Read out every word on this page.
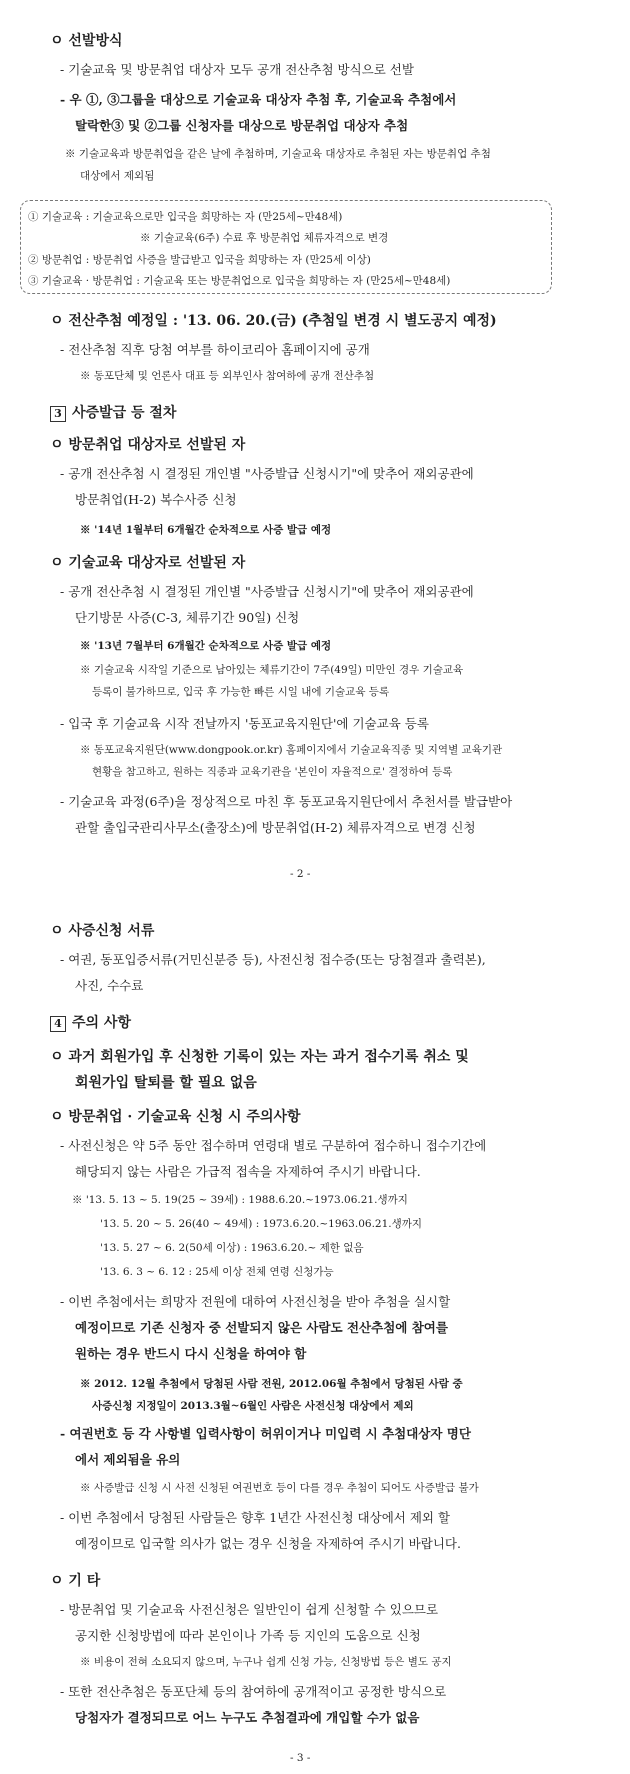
ㅇ 선발방식
- 기술교육 및 방문취업 대상자 모두 공개 전산추첨 방식으로 선발
- 우 ①, ③그룹을 대상으로 기술교육 대상자 추첨 후, 기술교육 추첨에서
탈락한③ 및 ②그룹 신청자를 대상으로 방문취업 대상자 추첨
※ 기술교육과 방문취업을 같은 날에 추첨하며, 기술교육 대상자로 추첨된 자는 방문취업 추첨
대상에서 제외됨
① 기술교육 : 기술교육으로만 입국을 희망하는 자 (만25세~만48세)
※ 기술교육(6주) 수료 후 방문취업 체류자격으로 변경
② 방문취업 : 방문취업 사증을 발급받고 입국을 희망하는 자 (만25세 이상)
③ 기술교육 · 방문취업 : 기술교육 또는 방문취업으로 입국을 희망하는 자 (만25세~만48세)
ㅇ 전산추첨 예정일 : '13. 06. 20.(금) (추첨일 변경 시 별도공지 예정)
- 전산추첨 직후 당첨 여부를 하이코리아 홈페이지에 공개
※ 동포단체 및 언론사 대표 등 외부인사 참여하에 공개 전산추첨
3 사증발급 등 절차
ㅇ 방문취업 대상자로 선발된 자
- 공개 전산추첨 시 결정된 개인별 "사증발급 신청시기"에 맞추어 재외공관에
방문취업(H-2) 복수사증 신청
※ '14년 1월부터 6개월간 순차적으로 사증 발급 예정
ㅇ 기술교육 대상자로 선발된 자
- 공개 전산추첨 시 결정된 개인별 "사증발급 신청시기"에 맞추어 재외공관에
단기방문 사증(C-3, 체류기간 90일) 신청
※ '13년 7월부터 6개월간 순차적으로 사증 발급 예정
※ 기술교육 시작일 기준으로 남아있는 체류기간이 7주(49일) 미만인 경우 기술교육
등록이 불가하므로, 입국 후 가능한 빠른 시일 내에 기술교육 등록
- 입국 후 기술교육 시작 전날까지 '동포교육지원단'에 기술교육 등록
※ 동포교육지원단(www.dongpook.or.kr) 홈페이지에서 기술교육직종 및 지역별 교육기관
현황을 참고하고, 원하는 직종과 교육기관을 '본인이 자율적으로' 결정하여 등록
- 기술교육 과정(6주)을 정상적으로 마친 후 동포교육지원단에서 추천서를 발급받아
관할 출입국관리사무소(출장소)에 방문취업(H-2) 체류자격으로 변경 신청
- 2 -
ㅇ 사증신청 서류
- 여권, 동포입증서류(거민신분증 등), 사전신청 접수증(또는 당첨결과 출력본),
사진, 수수료
4 주의 사항
ㅇ 과거 회원가입 후 신청한 기록이 있는 자는 과거 접수기록 취소 및
회원가입 탈퇴를 할 필요 없음
ㅇ 방문취업 · 기술교육 신청 시 주의사항
- 사전신청은 약 5주 동안 접수하며 연령대 별로 구분하여 접수하니 접수기간에
해당되지 않는 사람은 가급적 접속을 자제하여 주시기 바랍니다.
※ '13. 5. 13 ~ 5. 19(25 ~ 39세) : 1988.6.20.~1973.06.21.생까지
'13. 5. 20 ~ 5. 26(40 ~ 49세) : 1973.6.20.~1963.06.21.생까지
'13. 5. 27 ~ 6. 2(50세 이상) : 1963.6.20.~ 제한 없음
'13. 6. 3 ~ 6. 12 : 25세 이상 전체 연령 신청가능
- 이번 추첨에서는 희망자 전원에 대하여 사전신청을 받아 추첨을 실시할
예정이므로 기존 신청자 중 선발되지 않은 사람도 전산추첨에 참여를
원하는 경우 반드시 다시 신청을 하여야 함
※ 2012. 12월 추첨에서 당첨된 사람 전원, 2012.06월 추첨에서 당첨된 사람 중
사증신청 지정일이 2013.3월~6월인 사람은 사전신청 대상에서 제외
- 여권번호 등 각 사항별 입력사항이 허위이거나 미입력 시 추첨대상자 명단
에서 제외됨을 유의
※ 사증발급 신청 시 사전 신청된 여권번호 등이 다를 경우 추첨이 되어도 사증발급 불가
- 이번 추첨에서 당첨된 사람들은 향후 1년간 사전신청 대상에서 제외 할
예정이므로 입국할 의사가 없는 경우 신청을 자제하여 주시기 바랍니다.
ㅇ 기 타
- 방문취업 및 기술교육 사전신청은 일반인이 쉽게 신청할 수 있으므로
공지한 신청방법에 따라 본인이나 가족 등 지인의 도움으로 신청
※ 비용이 전혀 소요되지 않으며, 누구나 쉽게 신청 가능, 신청방법 등은 별도 공지
- 또한 전산추첨은 동포단체 등의 참여하에 공개적이고 공정한 방식으로
당첨자가 결정되므로 어느 누구도 추첨결과에 개입할 수가 없음
- 3 -
